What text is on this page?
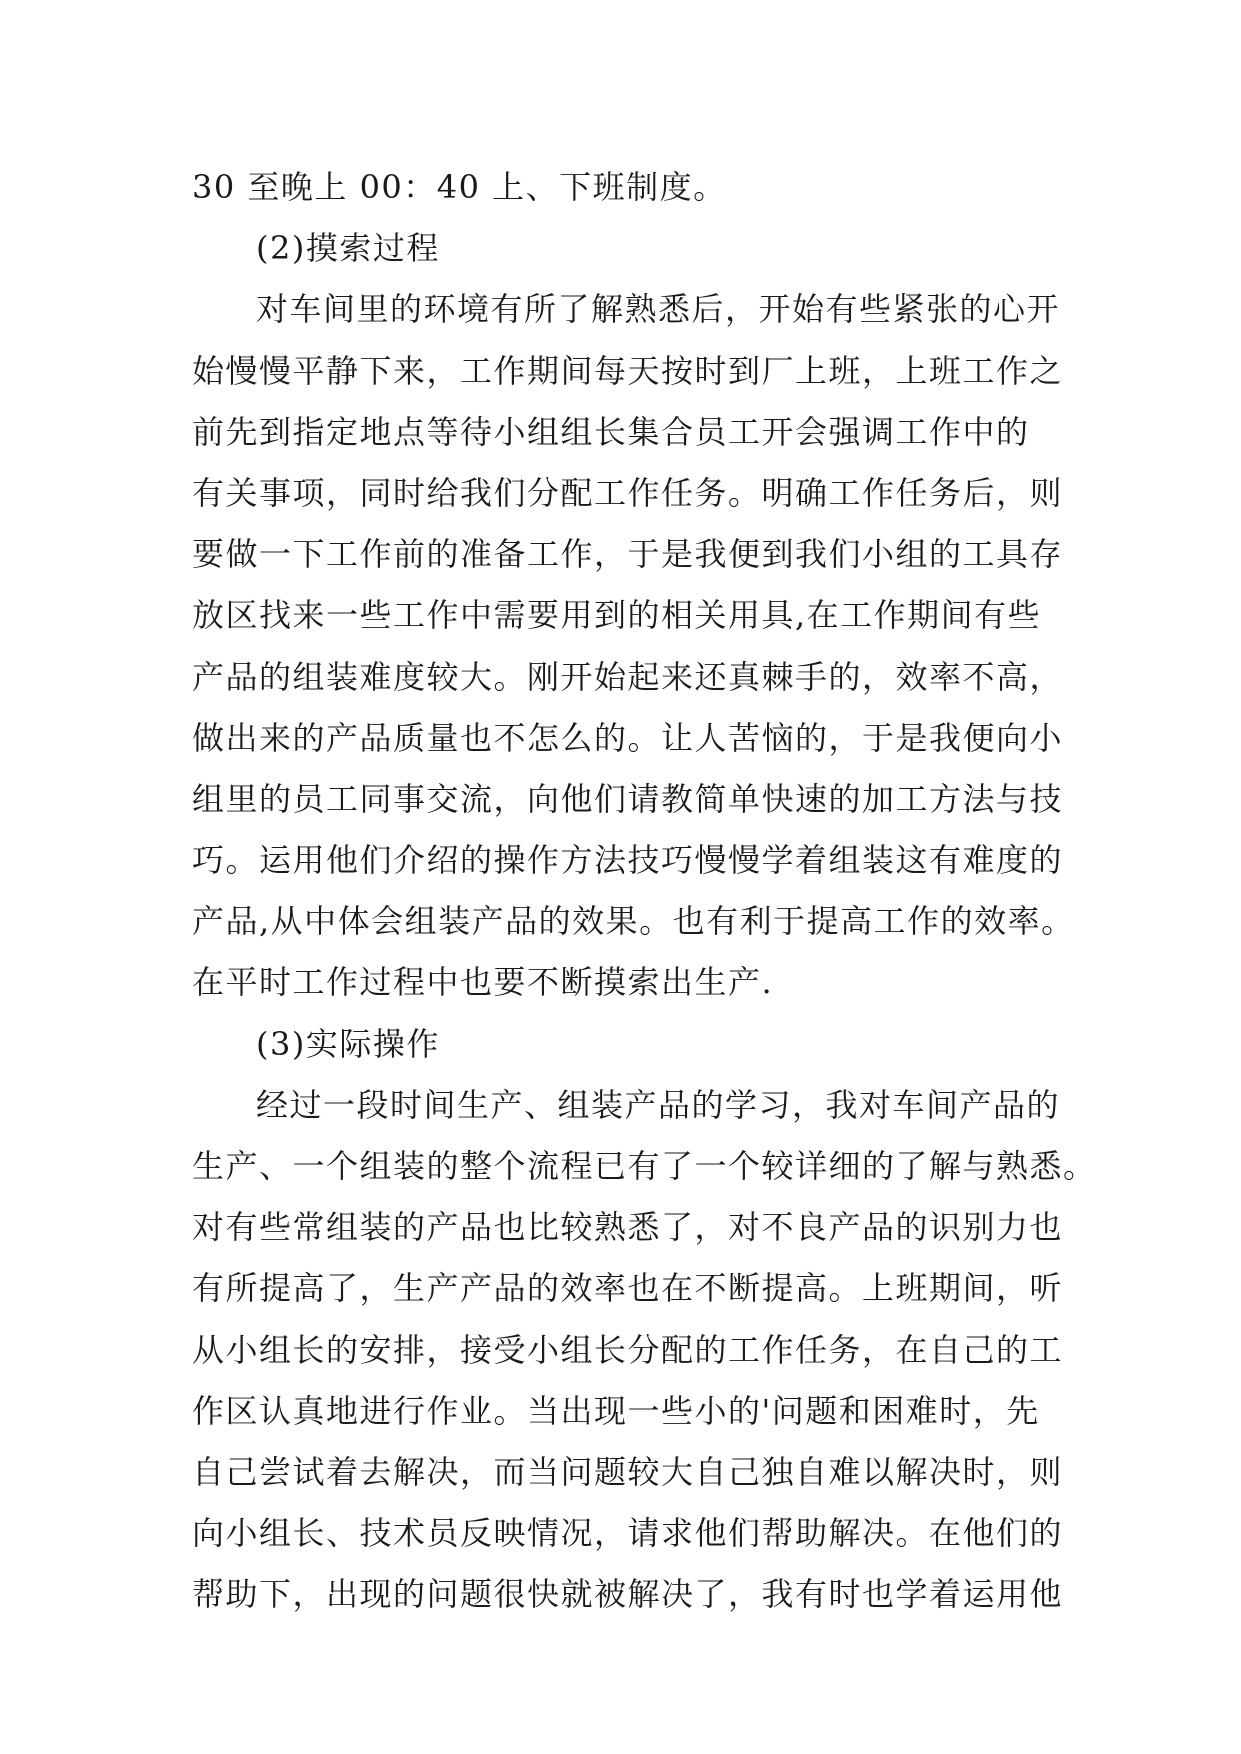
30 至晚上 00：40 上、下班制度。
(2)摸索过程
对车间里的环境有所了解熟悉后，开始有些紧张的心开
始慢慢平静下来，工作期间每天按时到厂上班，上班工作之
前先到指定地点等待小组组长集合员工开会强调工作中的
有关事项，同时给我们分配工作任务。明确工作任务后，则
要做一下工作前的准备工作，于是我便到我们小组的工具存
放区找来一些工作中需要用到的相关用具,在工作期间有些
产品的组装难度较大。刚开始起来还真棘手的，效率不高，
做出来的产品质量也不怎么的。让人苦恼的，于是我便向小
组里的员工同事交流，向他们请教简单快速的加工方法与技
巧。运用他们介绍的操作方法技巧慢慢学着组装这有难度的
产品,从中体会组装产品的效果。也有利于提高工作的效率。
在平时工作过程中也要不断摸索出生产.
(3)实际操作
经过一段时间生产、组装产品的学习，我对车间产品的
生产、一个组装的整个流程已有了一个较详细的了解与熟悉。
对有些常组装的产品也比较熟悉了，对不良产品的识别力也
有所提高了，生产产品的效率也在不断提高。上班期间，听
从小组长的安排，接受小组长分配的工作任务，在自己的工
作区认真地进行作业。当出现一些小的'问题和困难时，先
自己尝试着去解决，而当问题较大自己独自难以解决时，则
向小组长、技术员反映情况，请求他们帮助解决。在他们的
帮助下，出现的问题很快就被解决了，我有时也学着运用他
